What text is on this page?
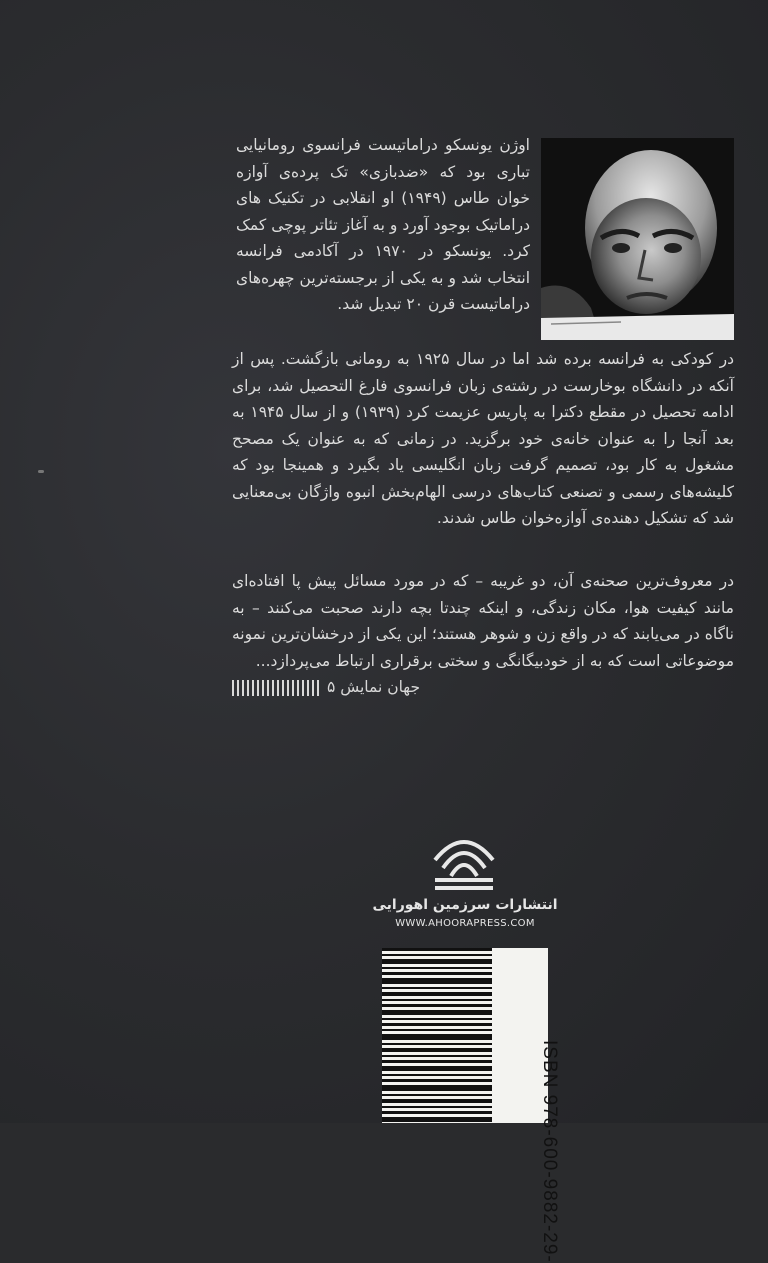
اوژن یونسکو دراماتیست فرانسوی رومانیایی تباری بود که «ضدبازی» تک پرده‌ی آوازه خوان طاس (۱۹۴۹) او انقلابی در تکنیک های دراماتیک بوجود آورد و به آغاز تئاتر پوچی کمک کرد. یونسکو در ۱۹۷۰ در آکادمی فرانسه انتخاب شد و به یکی از برجسته‌ترین چهره‌های دراماتیست قرن ۲۰ تبدیل شد.

در کودکی به فرانسه برده شد اما در سال ۱۹۲۵ به رومانی بازگشت. پس از آنکه در دانشگاه بوخارست در رشته‌ی زبان فرانسوی فارغ التحصیل شد، برای ادامه تحصیل در مقطع دکترا به پاریس عزیمت کرد (۱۹۳۹) و از سال ۱۹۴۵ به بعد آنجا را به عنوان خانه‌ی خود برگزید. در زمانی که به عنوان یک مصحح مشغول به کار بود، تصمیم گرفت زبان انگلیسی یاد بگیرد و همینجا بود که کلیشه‌های رسمی و تصنعی کتاب‌های درسی الهام‌بخش انبوه واژگان بی‌معنایی شد که تشکیل دهنده‌ی آوازه‌خوان طاس شدند.

در معروف‌ترین صحنه‌ی آن، دو غریبه – که در مورد مسائل پیش پا افتاده‌ای مانند کیفیت هوا، مکان زندگی، و اینکه چندتا بچه دارند صحبت می‌کنند – به ناگاه در می‌یابند که در واقع زن و شوهر هستند؛ این یکی از درخشان‌ترین نمونه موضوعاتی است که به از خودبیگانگی و سختی برقراری ارتباط می‌پردازد...

جهان نمایش ۵
انتشارات سرزمین اهورایی
WWW.AHOORAPRESS.COM
ISBN 978-600-9882-29-
